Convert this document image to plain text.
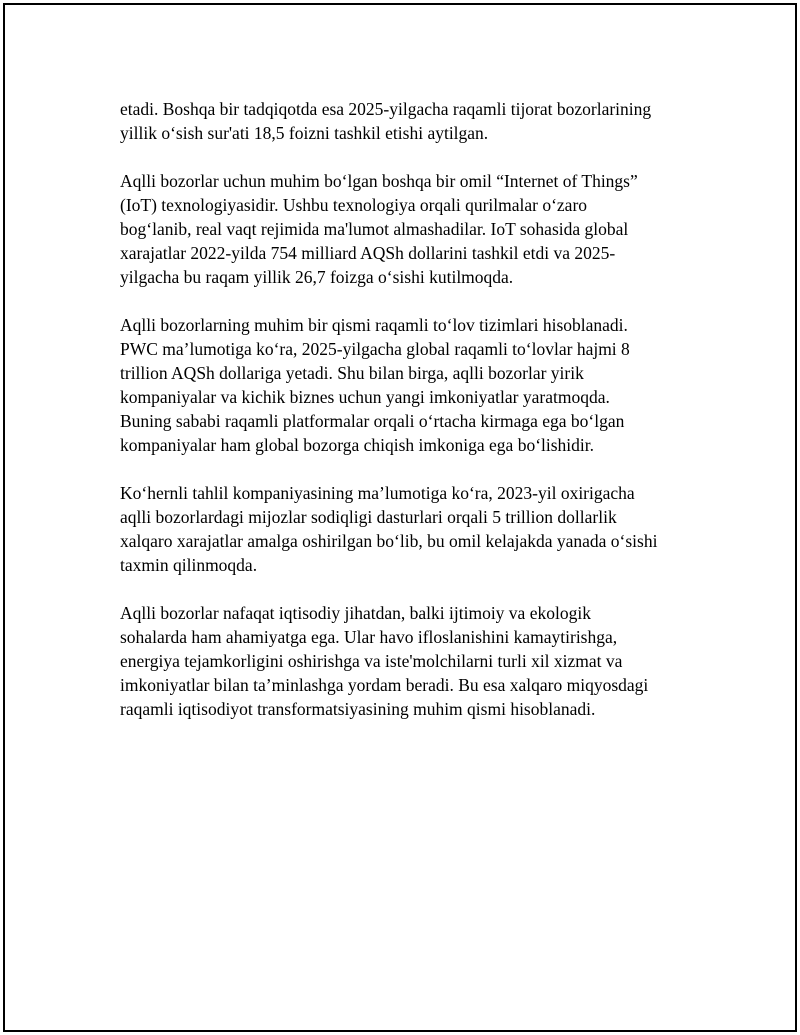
etadi. Boshqa bir tadqiqotda esa 2025-yilgacha raqamli tijorat bozorlarining
yillik o‘sish sur'ati 18,5 foizni tashkil etishi aytilgan.

Aqlli bozorlar uchun muhim bo‘lgan boshqa bir omil “Internet of Things”
(IoT) texnologiyasidir. Ushbu texnologiya orqali qurilmalar o‘zaro
bog‘lanib, real vaqt rejimida ma'lumot almashadilar. IoT sohasida global
xarajatlar 2022-yilda 754 milliard AQSh dollarini tashkil etdi va 2025-
yilgacha bu raqam yillik 26,7 foizga o‘sishi kutilmoqda.

Aqlli bozorlarning muhim bir qismi raqamli to‘lov tizimlari hisoblanadi.
PWC ma’lumotiga ko‘ra, 2025-yilgacha global raqamli to‘lovlar hajmi 8
trillion AQSh dollariga yetadi. Shu bilan birga, aqlli bozorlar yirik
kompaniyalar va kichik biznes uchun yangi imkoniyatlar yaratmoqda.
Buning sababi raqamli platformalar orqali o‘rtacha kirmaga ega bo‘lgan
kompaniyalar ham global bozorga chiqish imkoniga ega bo‘lishidir.

Ko‘hernli tahlil kompaniyasining ma’lumotiga ko‘ra, 2023-yil oxirigacha
aqlli bozorlardagi mijozlar sodiqligi dasturlari orqali 5 trillion dollarlik
xalqaro xarajatlar amalga oshirilgan bo‘lib, bu omil kelajakda yanada o‘sishi
taxmin qilinmoqda.

Aqlli bozorlar nafaqat iqtisodiy jihatdan, balki ijtimoiy va ekologik
sohalarda ham ahamiyatga ega. Ular havo ifloslanishini kamaytirishga,
energiya tejamkorligini oshirishga va iste'molchilarni turli xil xizmat va
imkoniyatlar bilan ta’minlashga yordam beradi. Bu esa xalqaro miqyosdagi
raqamli iqtisodiyot transformatsiyasining muhim qismi hisoblanadi.
